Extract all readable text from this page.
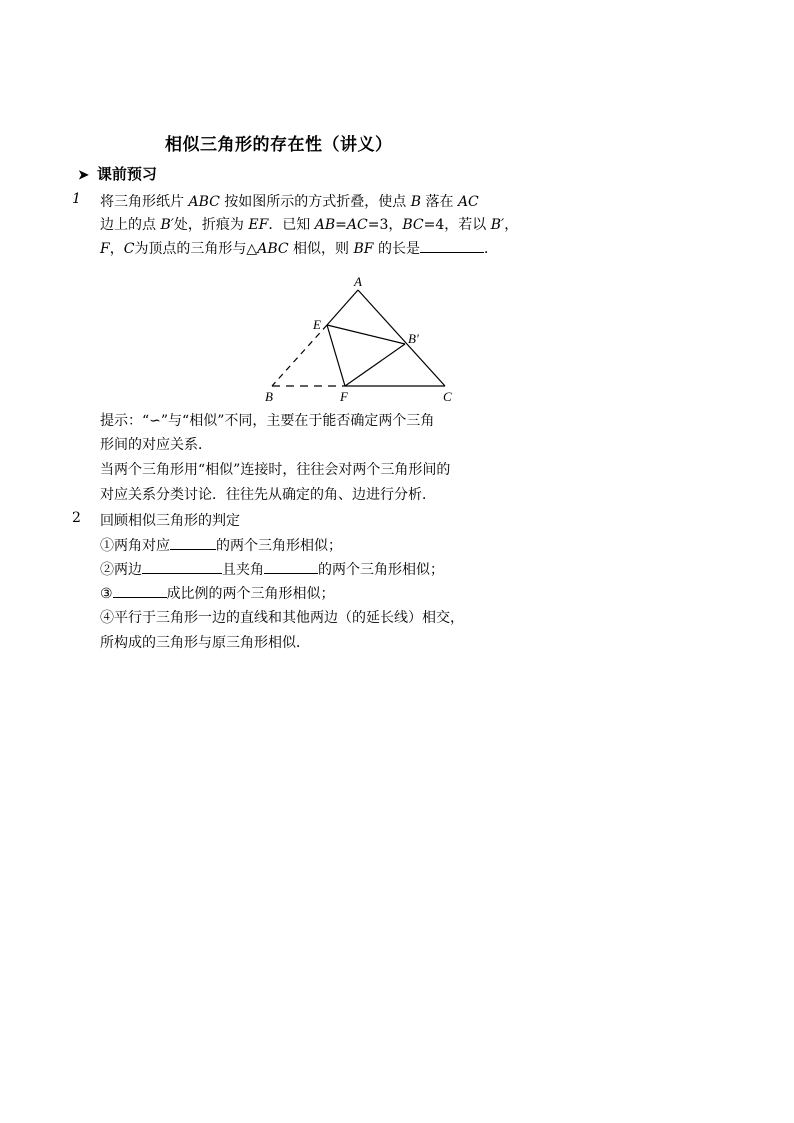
相似三角形的存在性（讲义）
➤ 课前预习
1 将三角形纸片 ABC 按如图所示的方式折叠，使点 B 落在 AC
边上的点 B′处，折痕为 EF．已知 AB=AC=3，BC=4，若以 B′，
F，C为顶点的三角形与△ABC 相似，则 BF 的长是	．
A
E
B′
B	F	C
提示：“∽”与“相似”不同，主要在于能否确定两个三角
形间的对应关系．
当两个三角形用“相似”连接时，往往会对两个三角形间的
对应关系分类讨论．往往先从确定的角、边进行分析．
2 回顾相似三角形的判定
①两角对应	的两个三角形相似；
②两边	且夹角	的两个三角形相似；
③	成比例的两个三角形相似；
④平行于三角形一边的直线和其他两边（的延长线）相交，
所构成的三角形与原三角形相似．
